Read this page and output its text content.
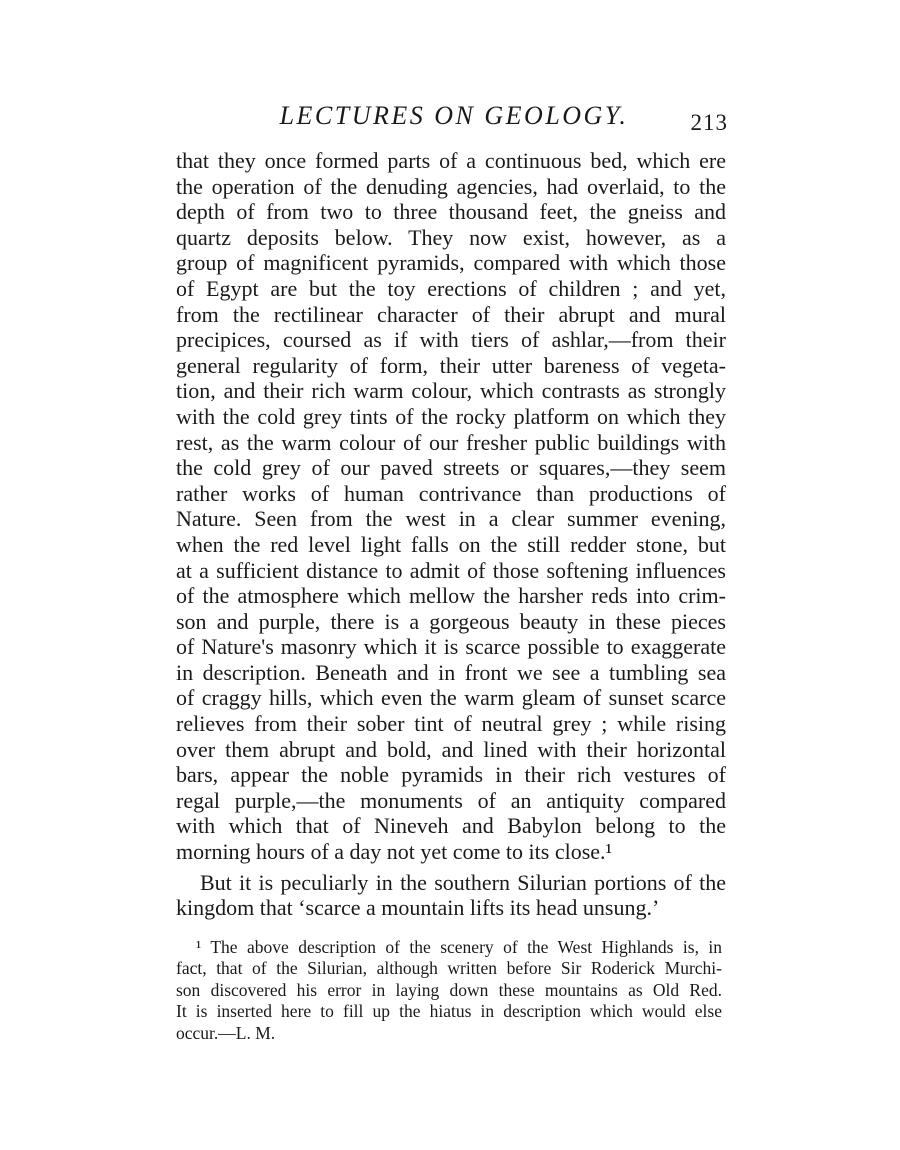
LECTURES ON GEOLOGY.	213
that they once formed parts of a continuous bed, which ere
the operation of the denuding agencies, had overlaid, to the
depth of from two to three thousand feet, the gneiss and
quartz deposits below. They now exist, however, as a
group of magnificent pyramids, compared with which those
of Egypt are but the toy erections of children ; and yet,
from the rectilinear character of their abrupt and mural
precipices, coursed as if with tiers of ashlar,—from their
general regularity of form, their utter bareness of vegeta-
tion, and their rich warm colour, which contrasts as strongly
with the cold grey tints of the rocky platform on which they
rest, as the warm colour of our fresher public buildings with
the cold grey of our paved streets or squares,—they seem
rather works of human contrivance than productions of
Nature. Seen from the west in a clear summer evening,
when the red level light falls on the still redder stone, but
at a sufficient distance to admit of those softening influences
of the atmosphere which mellow the harsher reds into crim-
son and purple, there is a gorgeous beauty in these pieces
of Nature's masonry which it is scarce possible to exaggerate
in description. Beneath and in front we see a tumbling sea
of craggy hills, which even the warm gleam of sunset scarce
relieves from their sober tint of neutral grey ; while rising
over them abrupt and bold, and lined with their horizontal
bars, appear the noble pyramids in their rich vestures of
regal purple,—the monuments of an antiquity compared
with which that of Nineveh and Babylon belong to the
morning hours of a day not yet come to its close.¹
But it is peculiarly in the southern Silurian portions of the
kingdom that ‘scarce a mountain lifts its head unsung.’
¹ The above description of the scenery of the West Highlands is, in
fact, that of the Silurian, although written before Sir Roderick Murchi-
son discovered his error in laying down these mountains as Old Red.
It is inserted here to fill up the hiatus in description which would else
occur.—L. M.
